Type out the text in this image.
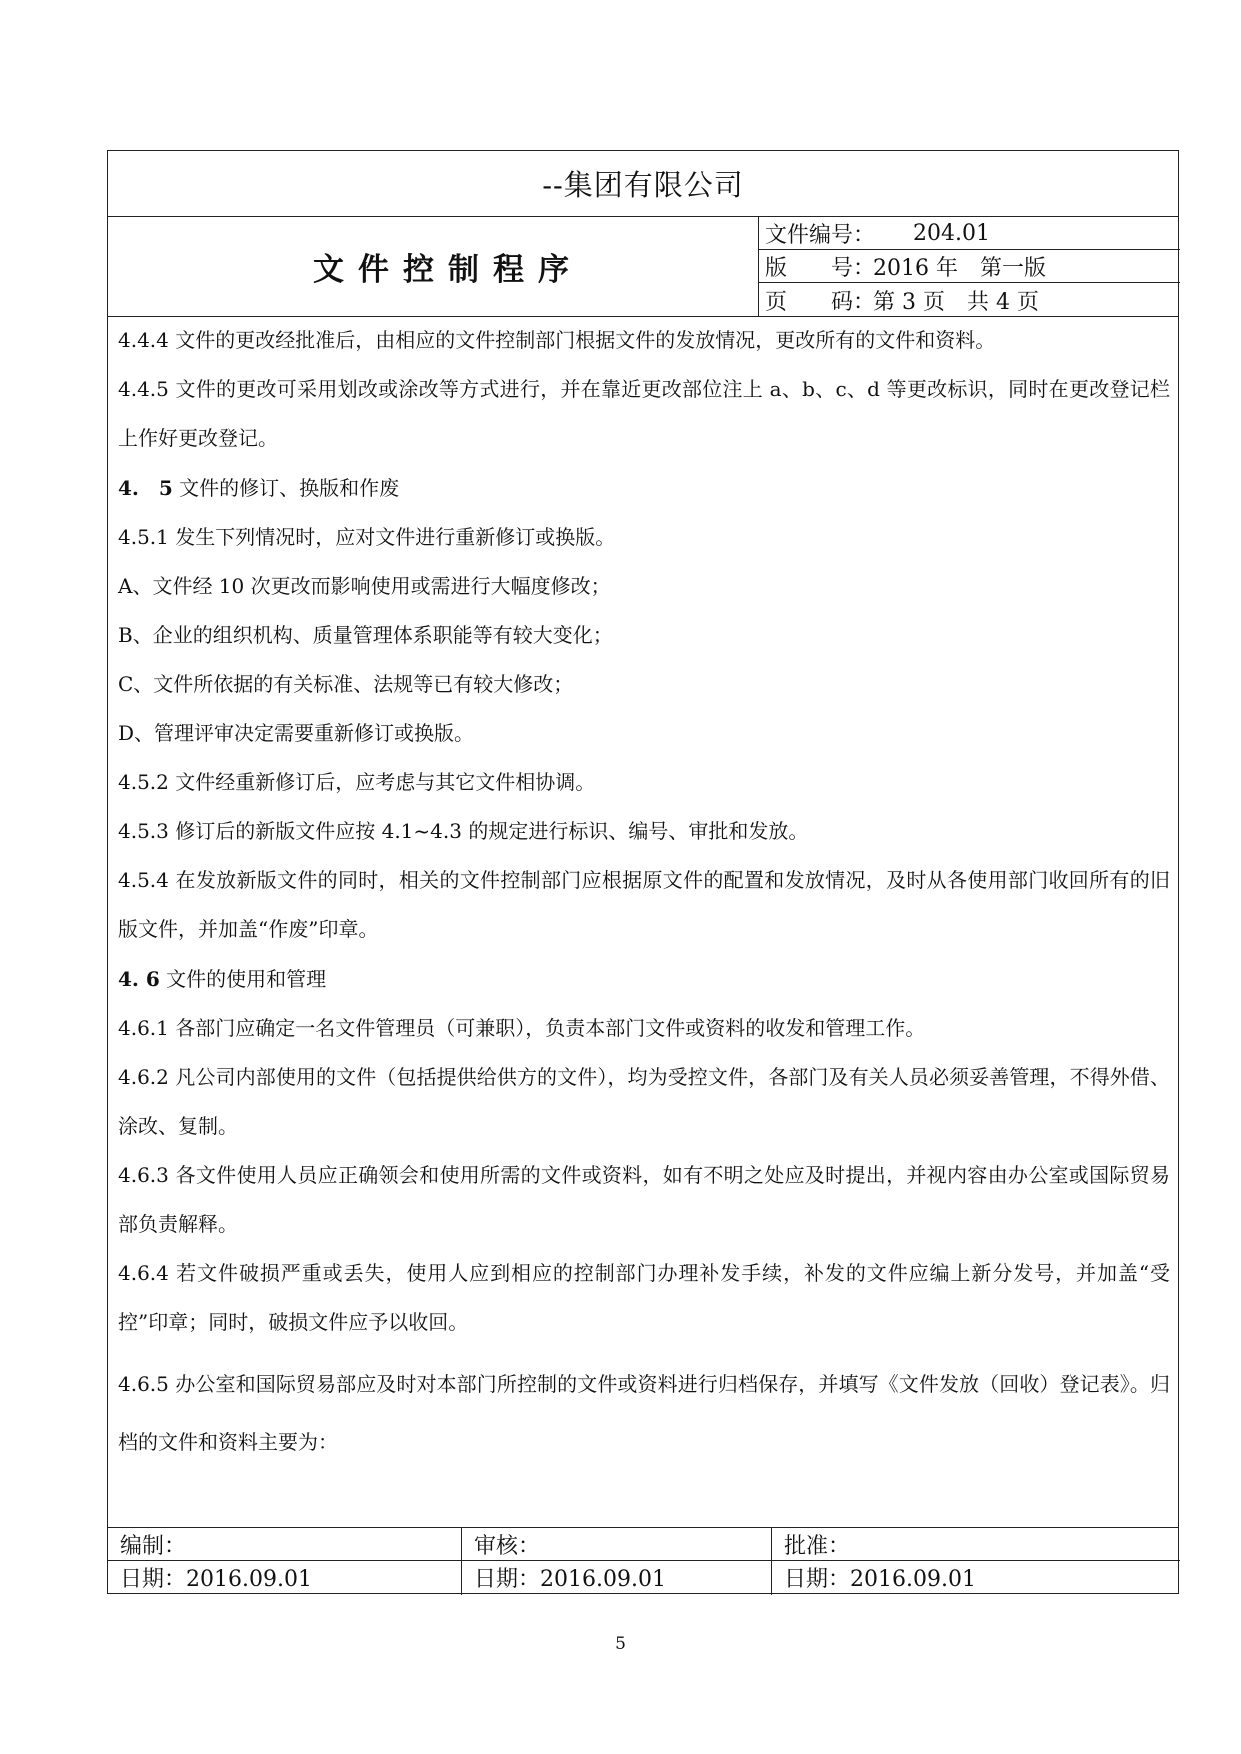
--集团有限公司
文件控制程序
文件编号：	204.01
版　　号：
2016 年　第一版
页　　码：
第 3 页　共 4 页

4.4.4 文件的更改经批准后，由相应的文件控制部门根据文件的发放情况，更改所有的文件和资料。

4.4.5 文件的更改可采用划改或涂改等方式进行，并在靠近更改部位注上 a、b、c、d 等更改标识，同时在更改登记栏上作好更改登记。

4.　5 文件的修订、换版和作废

4.5.1 发生下列情况时，应对文件进行重新修订或换版。

A、文件经 10 次更改而影响使用或需进行大幅度修改；

B、企业的组织机构、质量管理体系职能等有较大变化；

C、文件所依据的有关标准、法规等已有较大修改；

D、管理评审决定需要重新修订或换版。

4.5.2 文件经重新修订后，应考虑与其它文件相协调。

4.5.3 修订后的新版文件应按 4.1~4.3 的规定进行标识、编号、审批和发放。

4.5.4 在发放新版文件的同时，相关的文件控制部门应根据原文件的配置和发放情况，及时从各使用部门收回所有的旧版文件，并加盖“作废”印章。

4. 6 文件的使用和管理

4.6.1 各部门应确定一名文件管理员（可兼职），负责本部门文件或资料的收发和管理工作。

4.6.2 凡公司内部使用的文件（包括提供给供方的文件），均为受控文件，各部门及有关人员必须妥善管理，不得外借、涂改、复制。

4.6.3 各文件使用人员应正确领会和使用所需的文件或资料，如有不明之处应及时提出，并视内容由办公室或国际贸易部负责解释。

4.6.4 若文件破损严重或丢失，使用人应到相应的控制部门办理补发手续，补发的文件应编上新分发号，并加盖“受控”印章；同时，破损文件应予以收回。

4.6.5 办公室和国际贸易部应及时对本部门所控制的文件或资料进行归档保存，并填写《文件发放（回收）登记表》。归档的文件和资料主要为：

编制：
日期：2016.09.01
审核：
日期：2016.09.01
批准：
日期：2016.09.01
5
